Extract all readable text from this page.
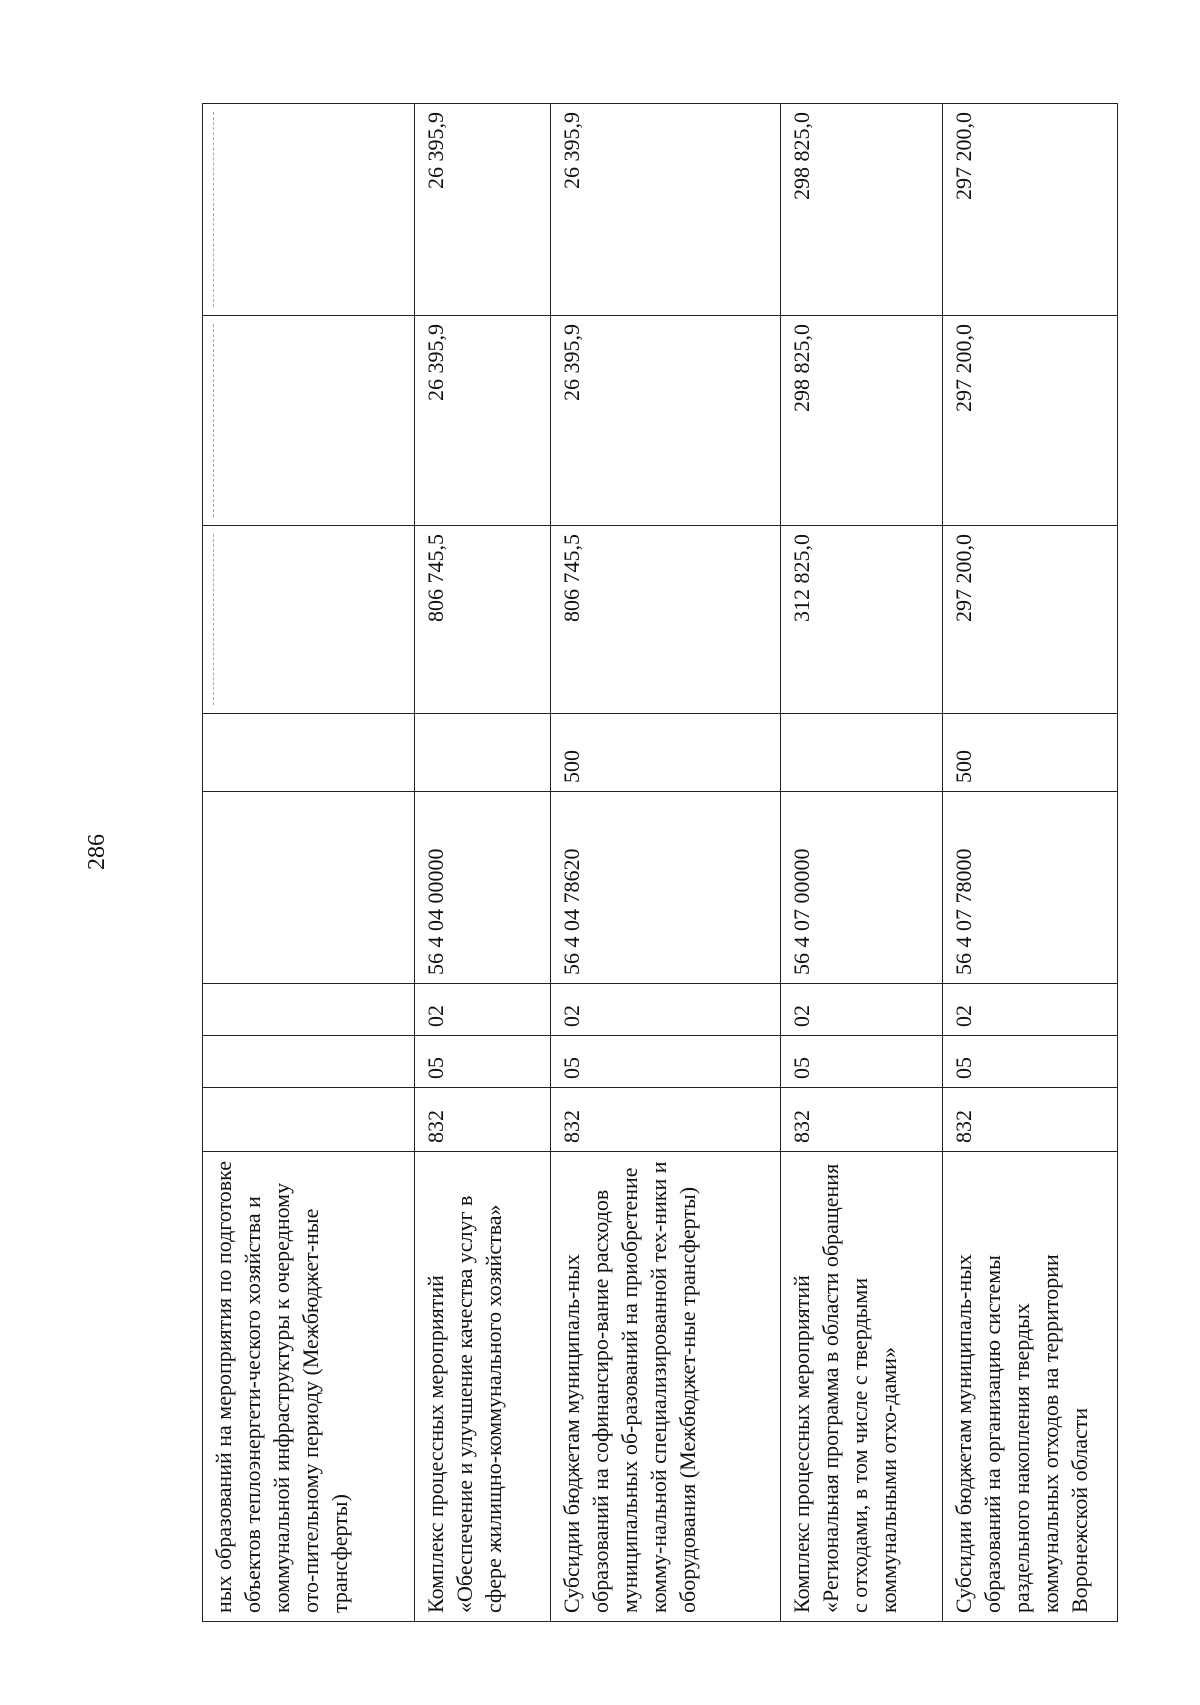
286
ных образований на мероприятия по подготовке объектов теплоэнергети-ческого хозяйства и коммунальной инфраструктуры к очередному ото-пительному периоду (Межбюджет-ные трансферты)						

Комплекс процессных мероприятий «Обеспечение и улучшение качества услуг в сфере жилищно-коммунального хозяйства»	832	05	02	56 4 04 00000		806 745,5	26 395,9	26 395,9
Субсидии бюджетам муниципаль-ных образований на софинансиро-вание расходов муниципальных об-разований на приобретение комму-нальной специализированной тех-ники и оборудования (Межбюджет-ные трансферты)	832	05	02	56 4 04 78620	500	806 745,5	26 395,9	26 395,9
Комплекс процессных мероприятий «Региональная программа в области обращения с отходами, в том числе с твердыми коммунальными отхо-дами»	832	05	02	56 4 07 00000		312 825,0	298 825,0	298 825,0
Субсидии бюджетам муниципаль-ных образований на организацию системы раздельного накопления твердых коммунальных отходов на территории Воронежской области	832	05	02	56 4 07 78000	500	297 200,0	297 200,0	297 200,0
